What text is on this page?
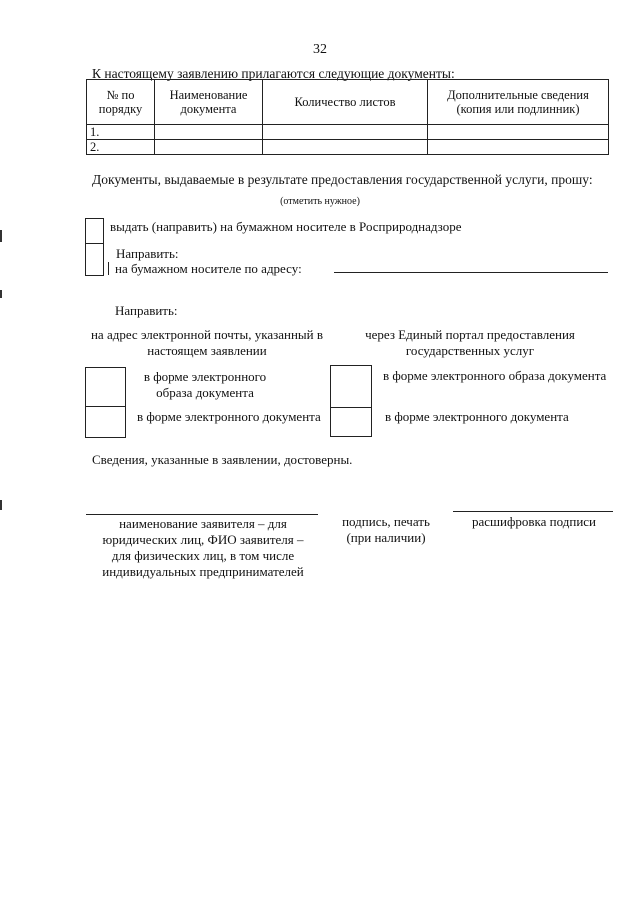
32
К настоящему заявлению прилагаются следующие документы:
№ по порядку	Наименование документа	Количество листов	Дополнительные сведения (копия или подлинник)
1.			
2.			
Документы, выдаваемые в результате предоставления государственной услуги, прошу:
(отметить нужное)
выдать (направить) на бумажном носителе в Росприроднадзоре
Направить:
на бумажном носителе по адресу:
Направить:
на адрес электронной почты, указанный в настоящем заявлении
через Единый портал предоставления государственных услуг
в форме электронного образа документа
в форме электронного документа
в форме электронного образа документа
в форме электронного документа
Сведения, указанные в заявлении, достоверны.
наименование заявителя – для юридических лиц, ФИО заявителя –для физических лиц, в том числе индивидуальных предпринимателей
подпись, печать (при наличии)
расшифровка подписи
